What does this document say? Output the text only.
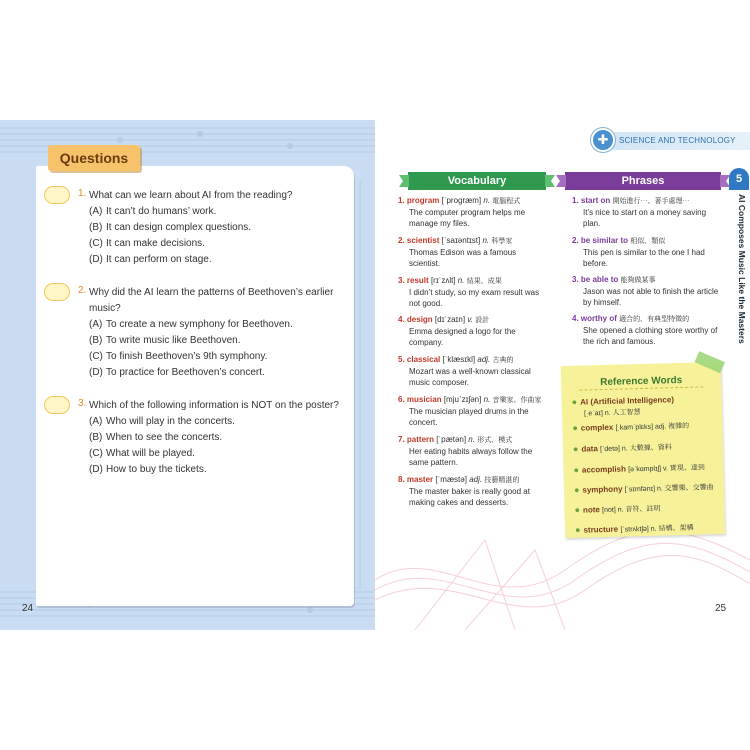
Questions
1. What can we learn about AI from the reading?
(A) It can’t do humans’ work.
(B) It can design complex questions.
(C) It can make decisions.
(D) It can perform on stage.
2. Why did the AI learn the patterns of Beethoven’s earlier music?
(A) To create a new symphony for Beethoven.
(B) To write music like Beethoven.
(C) To finish Beethoven’s 9th symphony.
(D) To practice for Beethoven’s concert.
3. Which of the following information is NOT on the poster?
(A) Who will play in the concerts.
(B) When to see the concerts.
(C) What will be played.
(D) How to buy the tickets.
24
✚	SCIENCE AND TECHNOLOGY
5
AI Composes Music Like the Masters
Vocabulary	Phrases
1. program [ˈprogræm] n. 電腦程式
The computer program helps me manage my files.
2. scientist [ˈsaɪəntɪst] n. 科學家
Thomas Edison was a famous scientist.
3. result [rɪˈzʌlt] n. 結果、成果
I didn’t study, so my exam result was not good.
4. design [dɪˈzaɪn] v. 設計
Emma designed a logo for the company.
5. classical [ˈklæsɪkl] adj. 古典的
Mozart was a well-known classical music composer.
6. musician [mjuˈzɪʃən] n. 音樂家、作曲家
The musician played drums in the concert.
7. pattern [ˈpætən] n. 形式、模式
Her eating habits always follow the same pattern.
8. master [ˈmæstə] adj. 技藝精湛的
The master baker is really good at making cakes and desserts.
1. start on 開始進行⋯、著手處理⋯
It’s nice to start on a money saving plan.
2. be similar to 相似、類似
This pen is similar to the one I had before.
3. be able to 能夠做某事
Jason was not able to finish the article by himself.
4. worthy of 適合的、有典型特徵的
She opened a clothing store worthy of the rich and famous.
Reference Words
● AI (Artificial Intelligence)
[ˌeˈaɪ] n. 人工智慧
● complex [ˌkamˈplɛks] adj. 複雜的
● data [ˈdetə] n. 大數據、資料
● accomplish [əˈkɑmplɪʃ] v. 實現、達到
● symphony [ˈsɪmfənɪ] n. 交響樂、交響曲
● note [not] n. 音符、註明
● structure [ˈstrʌktʃə] n. 結構、架構
25
